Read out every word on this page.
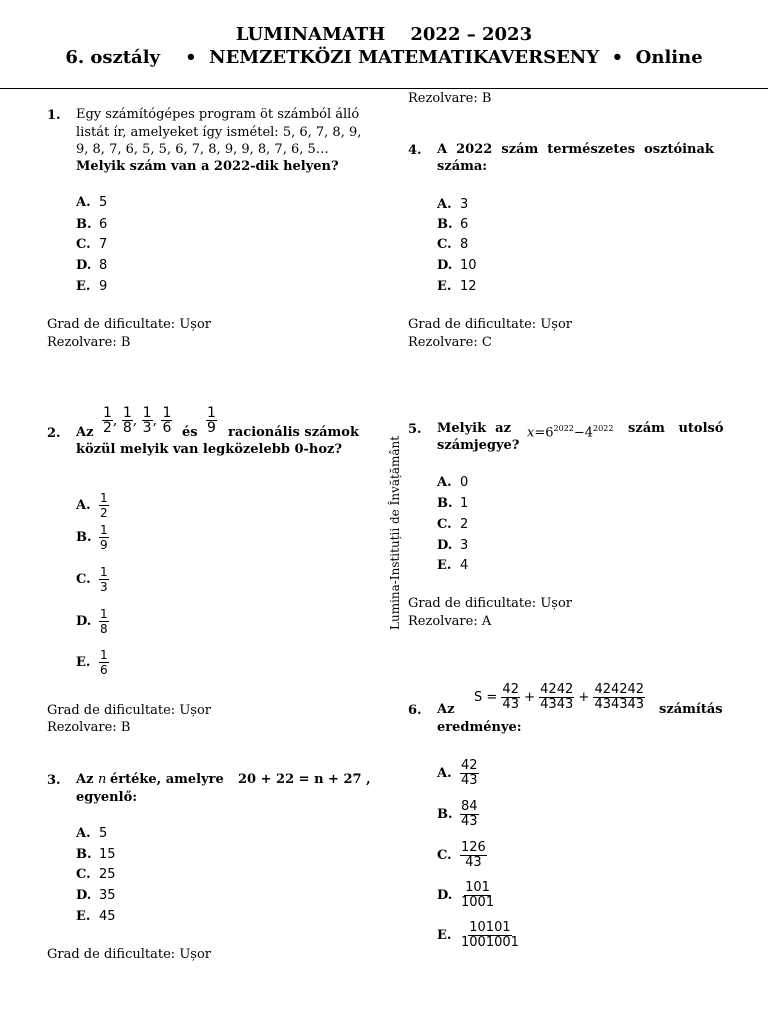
LUMINAMATH    2022 – 2023
6. osztály    •  NEMZETKÖZI MATEMATIKAVERSENY  •  Online
Lumina-Instituții de Învățământ
1. Egy számítógépes program öt számból álló
listát ír, amelyeket így ismétel: 5, 6, 7, 8, 9,
9, 8, 7, 6, 5, 5, 6, 7, 8, 9, 9, 8, 7, 6, 5…
Melyik szám van a 2022-dik helyen?
A. 5
B. 6
C. 7
D. 8
E. 9
Grad de dificultate: Ușor
Rezolvare: B
2. Az $\frac{1}{2}$ , $\frac{1}{8}$ , $\frac{1}{3}$ , $\frac{1}{6}$ és $\frac{1}{9}$ racionális számok
közül melyik van legközelebb 0-hoz?
A. $\frac{1}{2}$
B. $\frac{1}{9}$
C. $\frac{1}{3}$
D. $\frac{1}{8}$
E. $\frac{1}{6}$
Grad de dificultate: Ușor
Rezolvare: B
3. Az n értéke, amelyre 20 + 22 = n + 27 ,
egyenlő:
A. 5
B. 15
C. 25
D. 35
E. 45
Grad de dificultate: Ușor
Rezolvare: B
4. A  2022  szám  természetes  osztóinak
száma:
A. 3
B. 6
C. 8
D. 10
E. 12
Grad de dificultate: Ușor
Rezolvare: C
5. Melyik  az $x=6^{2022}-4^{2022}$ szám   utolsó
számjegye?
A. 0
B. 1
C. 2
D. 3
E. 4
Grad de dificultate: Ușor
Rezolvare: A
6. Az
$S = \frac{42}{43} + \frac{4242}{4343} + \frac{424242}{434343}$ számítás
eredménye:
A. $\frac{42}{43}$
B. $\frac{84}{43}$
C. $\frac{126}{43}$
D. $\frac{101}{1001}$
E. $\frac{10101}{1001001}$
